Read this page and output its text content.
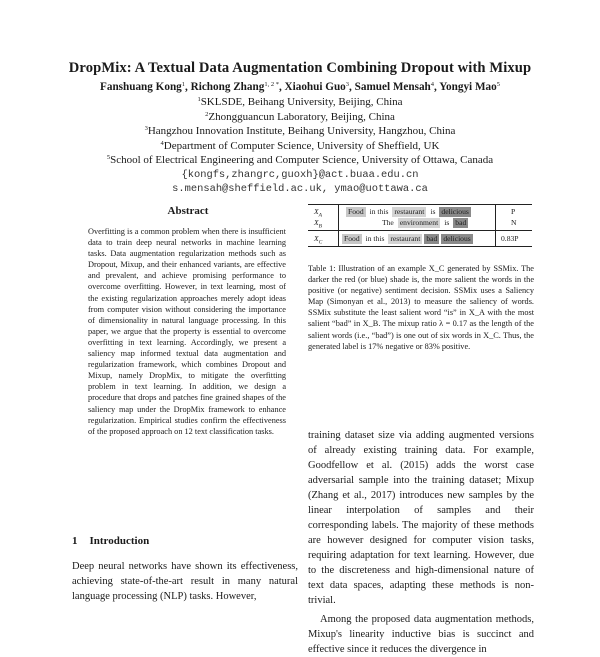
DropMix: A Textual Data Augmentation Combining Dropout with Mixup
Fanshuang Kong$^1$, Richong Zhang$^{1, 2 *}$, Xiaohui Guo$^3$, Samuel Mensah$^4$, Yongyi Mao$^5$
$^1$SKLSDE, Beihang University, Beijing, China
$^2$Zhongguancun Laboratory, Beijing, China
$^3$Hangzhou Innovation Institute, Beihang University, Hangzhou, China
$^4$Department of Computer Science, University of Sheffield, UK
$^5$School of Electrical Engineering and Computer Science, University of Ottawa, Canada
{kongfs,zhangrc,guoxh}@act.buaa.edu.cn
s.mensah@sheffield.ac.uk, ymao@uottawa.ca
Abstract
Overfitting is a common problem when there is insufficient data to train deep neural networks in machine learning tasks. Data augmentation regularization methods such as Dropout, Mixup, and their enhanced variants, are effective and prevalent, and achieve promising performance to overcome overfitting. However, in text learning, most of the existing regularization approaches merely adopt ideas from computer vision without considering the importance of dimensionality in natural language processing. In this paper, we argue that the property is essential to overcome overfitting in text learning. Accordingly, we present a saliency map informed textual data augmentation and regularization framework, which combines Dropout and Mixup, namely DropMix, to mitigate the overfitting problem in text learning. In addition, we design a procedure that drops and patches fine grained shapes of the saliency map under the DropMix framework to enhance regularization. Empirical studies confirm the effectiveness of the proposed approach on 12 text classification tasks.
1 Introduction
Deep neural networks have shown its effectiveness, achieving state-of-the-art result in many natural language processing (NLP) tasks. However,
$X_A$	Food in this restaurant is delicious	P
$X_B$	The environment is bad	N
$X_C$	Food in this restaurant bad delicious	0.83P
Table 1: Illustration of an example X_C generated by SSMix. The darker the red (or blue) shade is, the more salient the words in the positive (or negative) sentiment decision. SSMix uses a Saliency Map (Simonyan et al., 2013) to measure the saliency of words. SSMix substitute the least salient word “is” in X_A with the most salient “bad” in X_B. The mixup ratio λ = 0.17 as the length of the salient words (i.e., “bad”) is one out of six words in X_C. Thus, the generated label is 17% negative or 83% positive.

training dataset size via adding augmented versions of already existing training data. For example, Goodfellow et al. (2015) adds the worst case adversarial sample into the training dataset; Mixup (Zhang et al., 2017) introduces new samples by the linear interpolation of samples and their corresponding labels. The majority of these methods are however designed for computer vision tasks, requiring adaptation for text learning. However, due to the discreteness and high-dimensional nature of text data spaces, adapting these methods is non-trivial.

Among the proposed data augmentation methods, Mixup's linearity inductive bias is succinct and effective since it reduces the divergence in
